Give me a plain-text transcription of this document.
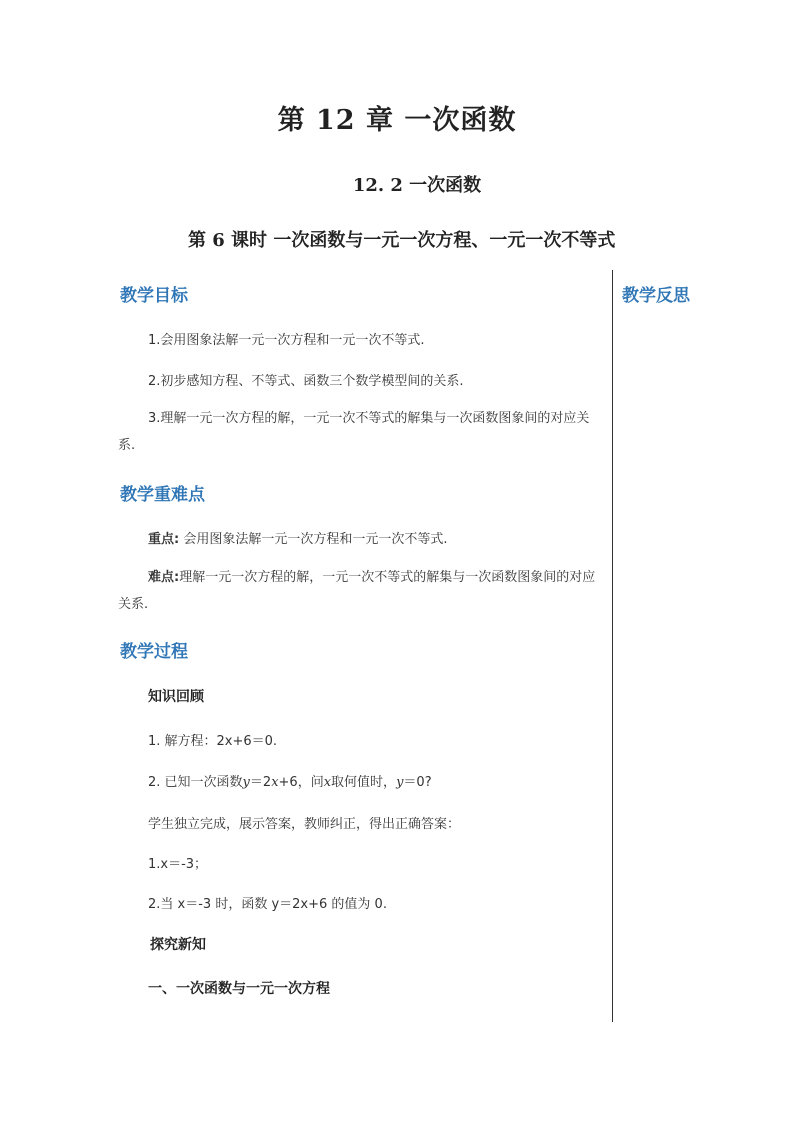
第 12 章 一次函数
12. 2 一次函数
第 6 课时 一次函数与一元一次方程、一元一次不等式
教学反思
教学目标
1.会用图象法解一元一次方程和一元一次不等式.
2.初步感知方程、不等式、函数三个数学模型间的关系.
3.理解一元一次方程的解，一元一次不等式的解集与一次函数图象间的对应关系.
教学重难点
重点: 会用图象法解一元一次方程和一元一次不等式.
难点:理解一元一次方程的解，一元一次不等式的解集与一次函数图象间的对应关系.
教学过程
知识回顾
1. 解方程：2x+6＝0.
2. 已知一次函数y＝2x+6，问x取何值时，y＝0?
学生独立完成，展示答案，教师纠正，得出正确答案：
1.x＝-3；
2.当 x＝-3 时，函数 y＝2x+6 的值为 0.
探究新知
一、一次函数与一元一次方程
